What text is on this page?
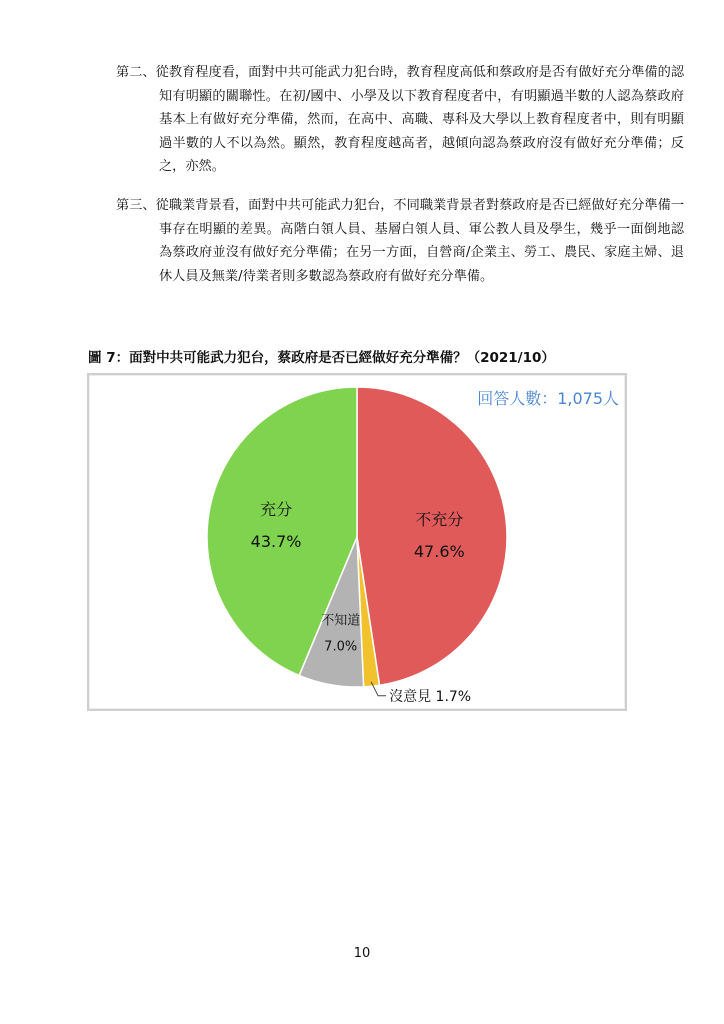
第二、從教育程度看，面對中共可能武力犯台時，教育程度高低和蔡政府是否有做好充分準備的認知有明顯的關聯性。在初/國中、小學及以下教育程度者中，有明顯過半數的人認為蔡政府基本上有做好充分準備，然而，在高中、高職、專科及大學以上教育程度者中，則有明顯過半數的人不以為然。顯然，教育程度越高者，越傾向認為蔡政府沒有做好充分準備；反之，亦然。

第三、從職業背景看，面對中共可能武力犯台，不同職業背景者對蔡政府是否已經做好充分準備一事存在明顯的差異。高階白領人員、基層白領人員、軍公教人員及學生，幾乎一面倒地認為蔡政府並沒有做好充分準備；在另一方面，自營商/企業主、勞工、農民、家庭主婦、退休人員及無業/待業者則多數認為蔡政府有做好充分準備。

圖 7：面對中共可能武力犯台，蔡政府是否已經做好充分準備？（2021/10）
回答人數：1,075人
不充分
47.6%
沒意見 1.7%
不知道
7.0%
充分
43.7%
10
